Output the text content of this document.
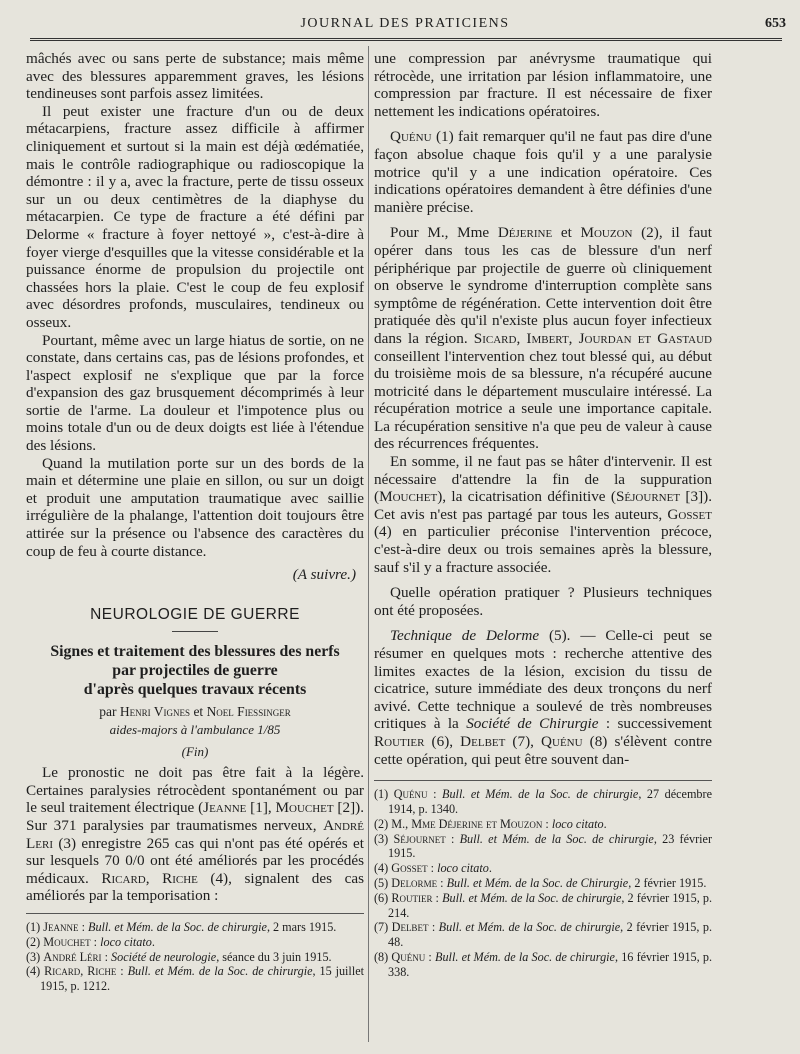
JOURNAL DES PRATICIENS	653

mâchés avec ou sans perte de substance; mais même avec des blessures apparemment graves, les lésions tendineuses sont parfois assez limitées.

Il peut exister une fracture d'un ou de deux métacarpiens, fracture assez difficile à affirmer cliniquement et surtout si la main est déjà œdématiée, mais le contrôle radiographique ou radioscopique la démontre : il y a, avec la fracture, perte de tissu osseux sur un ou deux centimètres de la diaphyse du métacarpien. Ce type de fracture a été défini par Delorme « fracture à foyer nettoyé », c'est-à-dire à foyer vierge d'esquilles que la vitesse considérable et la puissance énorme de propulsion du projectile ont chassées hors la plaie. C'est le coup de feu explosif avec désordres profonds, musculaires, tendineux ou osseux.

Pourtant, même avec un large hiatus de sortie, on ne constate, dans certains cas, pas de lésions profondes, et l'aspect explosif ne s'explique que par la force d'expansion des gaz brusquement décomprimés à leur sortie de l'arme. La douleur et l'impotence plus ou moins totale d'un ou de deux doigts est liée à l'étendue des lésions.

Quand la mutilation porte sur un des bords de la main et détermine une plaie en sillon, ou sur un doigt et produit une amputation traumatique avec saillie irrégulière de la phalange, l'attention doit toujours être attirée sur la présence ou l'absence des caractères du coup de feu à courte distance.

(A suivre.)
NEUROLOGIE DE GUERRE
Signes et traitement des blessures des nerfs
par projectiles de guerre
d'après quelques travaux récents
par Henri Vignes et Noel Fiessinger
aides-majors à l'ambulance 1/85
(Fin)

Le pronostic ne doit pas être fait à la légère. Certaines paralysies rétrocèdent spontanément ou par le seul traitement électrique (Jeanne [1], Mouchet [2]). Sur 371 paralysies par traumatismes nerveux, André Leri (3) enregistre 265 cas qui n'ont pas été opérés et sur lesquels 70 0/0 ont été améliorés par les procédés médicaux. Ricard, Riche (4), signalent des cas améliorés par la temporisation :

(1) Jeanne : Bull. et Mém. de la Soc. de chirurgie, 2 mars 1915.

(2) Mouchet : loco citato.

(3) André Léri : Société de neurologie, séance du 3 juin 1915.

(4) Ricard, Riche : Bull. et Mém. de la Soc. de chirurgie, 15 juillet 1915, p. 1212.

une compression par anévrysme traumatique qui rétrocède, une irritation par lésion inflammatoire, une compression par fracture. Il est nécessaire de fixer nettement les indications opératoires.

Quénu (1) fait remarquer qu'il ne faut pas dire d'une façon absolue chaque fois qu'il y a une paralysie motrice qu'il y a une indication opératoire. Ces indications opératoires demandent à être définies d'une manière précise.

Pour M., Mme Déjerine et Mouzon (2), il faut opérer dans tous les cas de blessure d'un nerf périphérique par projectile de guerre où cliniquement on observe le syndrome d'interruption complète sans symptôme de régénération. Cette intervention doit être pratiquée dès qu'il n'existe plus aucun foyer infectieux dans la région. Sicard, Imbert, Jourdan et Gastaud conseillent l'intervention chez tout blessé qui, au début du troisième mois de sa blessure, n'a récupéré aucune motricité dans le département musculaire intéressé. La récupération motrice a seule une importance capitale. La récupération sensitive n'a que peu de valeur à cause des récurrences fréquentes.

En somme, il ne faut pas se hâter d'intervenir. Il est nécessaire d'attendre la fin de la suppuration (Mouchet), la cicatrisation définitive (Séjournet [3]). Cet avis n'est pas partagé par tous les auteurs, Gosset (4) en particulier préconise l'intervention précoce, c'est-à-dire deux ou trois semaines après la blessure, sauf s'il y a fracture associée.

Quelle opération pratiquer ? Plusieurs techniques ont été proposées.

Technique de Delorme (5). — Celle-ci peut se résumer en quelques mots : recherche attentive des limites exactes de la lésion, excision du tissu de cicatrice, suture immédiate des deux tronçons du nerf avivé. Cette technique a soulevé de très nombreuses critiques à la Société de Chirurgie : successivement Routier (6), Delbet (7), Quénu (8) s'élèvent contre cette opération, qui peut être souvent dan-

(1) Quénu : Bull. et Mém. de la Soc. de chirurgie, 27 décembre 1914, p. 1340.

(2) M., Mme Déjerine et Mouzon : loco citato.

(3) Séjournet : Bull. et Mém. de la Soc. de chirurgie, 23 février 1915.

(4) Gosset : loco citato.

(5) Delorme : Bull. et Mém. de la Soc. de Chirurgie, 2 février 1915.

(6) Routier : Bull. et Mém. de la Soc. de chirurgie, 2 février 1915, p. 214.

(7) Delbet : Bull. et Mém. de la Soc. de chirurgie, 2 février 1915, p. 48.

(8) Quénu : Bull. et Mém. de la Soc. de chirurgie, 16 février 1915, p. 338.
